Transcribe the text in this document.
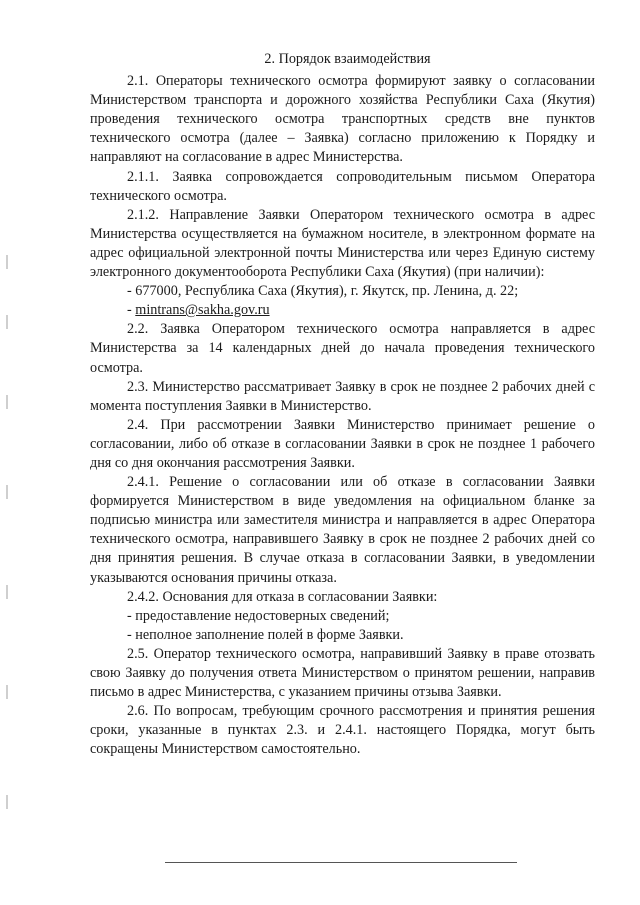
2. Порядок взаимодействия

2.1. Операторы технического осмотра формируют заявку о согласовании Министерством транспорта и дорожного хозяйства Республики Саха (Якутия) проведения технического осмотра транспортных средств вне пунктов технического осмотра (далее – Заявка) согласно приложению к Порядку и направляют на согласование в адрес Министерства.

2.1.1. Заявка сопровождается сопроводительным письмом Оператора технического осмотра.

2.1.2. Направление Заявки Оператором технического осмотра в адрес Министерства осуществляется на бумажном носителе, в электронном формате на адрес официальной электронной почты Министерства или через Единую систему электронного документооборота Республики Саха (Якутия) (при наличии):

- 677000, Республика Саха (Якутия), г. Якутск, пр. Ленина, д. 22;

- mintrans@sakha.gov.ru

2.2. Заявка Оператором технического осмотра направляется в адрес Министерства за 14 календарных дней до начала проведения технического осмотра.

2.3. Министерство рассматривает Заявку в срок не позднее 2 рабочих дней с момента поступления Заявки в Министерство.

2.4. При рассмотрении Заявки Министерство принимает решение о согласовании, либо об отказе в согласовании Заявки в срок не позднее 1 рабочего дня со дня окончания рассмотрения Заявки.

2.4.1. Решение о согласовании или об отказе в согласовании Заявки формируется Министерством в виде уведомления на официальном бланке за подписью министра или заместителя министра и направляется в адрес Оператора технического осмотра, направившего Заявку в срок не позднее 2 рабочих дней со дня принятия решения. В случае отказа в согласовании Заявки, в уведомлении указываются основания причины отказа.

2.4.2. Основания для отказа в согласовании Заявки:

- предоставление недостоверных сведений;

- неполное заполнение полей в форме Заявки.

2.5. Оператор технического осмотра, направивший Заявку в праве отозвать свою Заявку до получения ответа Министерством о принятом решении, направив письмо в адрес Министерства, с указанием причины отзыва Заявки.

2.6. По вопросам, требующим срочного рассмотрения и принятия решения сроки, указанные в пунктах 2.3. и 2.4.1. настоящего Порядка, могут быть сокращены Министерством самостоятельно.
